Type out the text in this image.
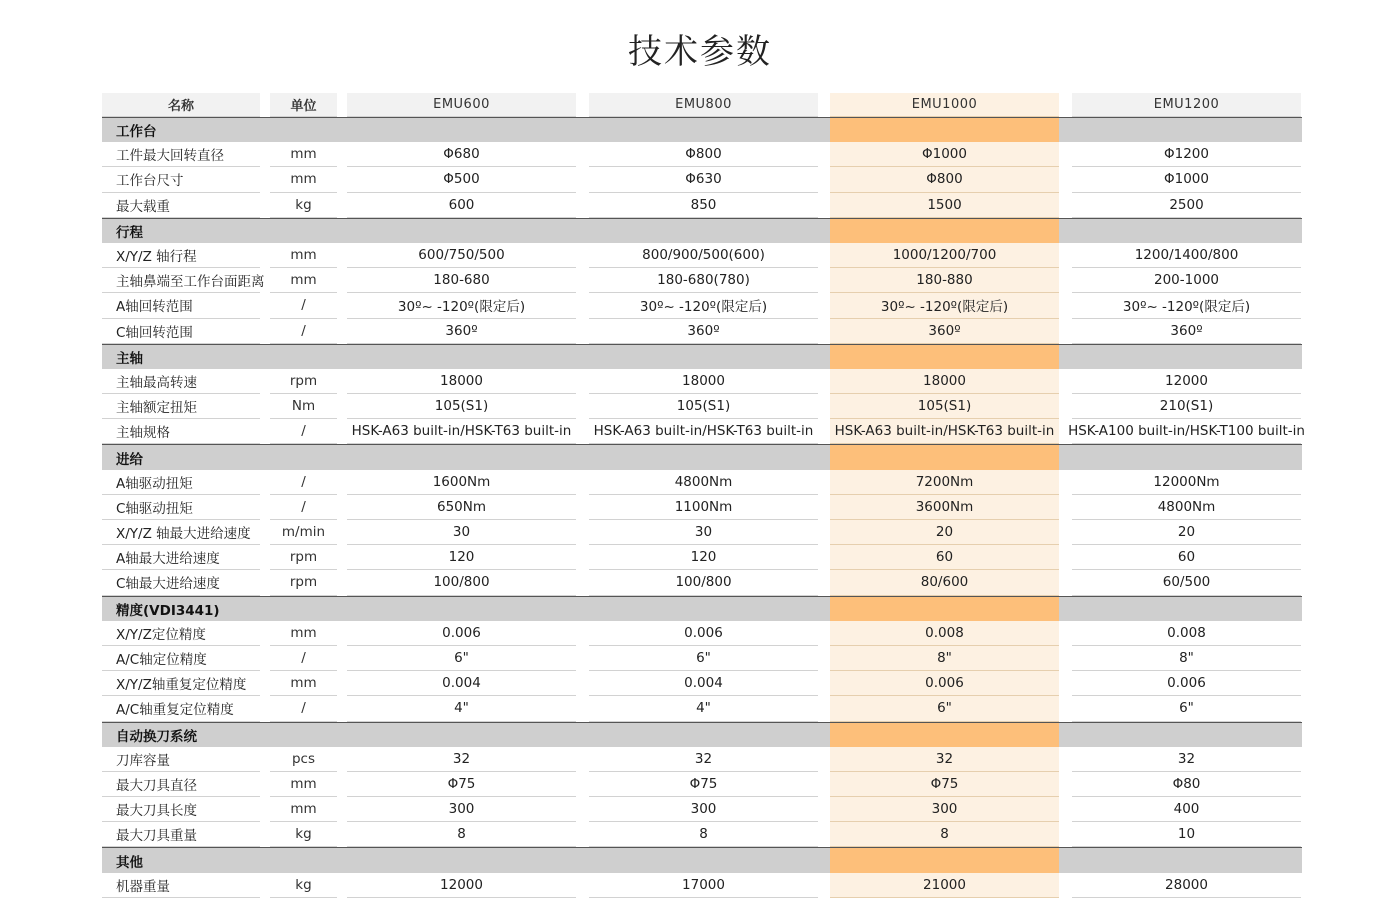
技术参数
名称	单位	EMU600	EMU800	EMU1000	EMU1200
工作台
工件最大回转直径	mm	Φ680	Φ800	Φ1000	Φ1200
工作台尺寸	mm	Φ500	Φ630	Φ800	Φ1000
最大载重	kg	600	850	1500	2500
行程
X/Y/Z 轴行程	mm	600/750/500	800/900/500(600)	1000/1200/700	1200/1400/800
主轴鼻端至工作台面距离	mm	180-680	180-680(780)	180-880	200-1000
A轴回转范围	/	30º~ -120º(限定后)	30º~ -120º(限定后)	30º~ -120º(限定后)	30º~ -120º(限定后)
C轴回转范围	/	360º	360º	360º	360º
主轴
主轴最高转速	rpm	18000	18000	18000	12000
主轴额定扭矩	Nm	105(S1)	105(S1)	105(S1)	210(S1)
主轴规格	/	HSK-A63 built-in/HSK-T63 built-in	HSK-A63 built-in/HSK-T63 built-in	HSK-A63 built-in/HSK-T63 built-in	HSK-A100 built-in/HSK-T100 built-in
进给
A轴驱动扭矩	/	1600Nm	4800Nm	7200Nm	12000Nm
C轴驱动扭矩	/	650Nm	1100Nm	3600Nm	4800Nm
X/Y/Z 轴最大进给速度	m/min	30	30	20	20
A轴最大进给速度	rpm	120	120	60	60
C轴最大进给速度	rpm	100/800	100/800	80/600	60/500
精度(VDI3441)
X/Y/Z定位精度	mm	0.006	0.006	0.008	0.008
A/C轴定位精度	/	6"	6"	8"	8"
X/Y/Z轴重复定位精度	mm	0.004	0.004	0.006	0.006
A/C轴重复定位精度	/	4"	4"	6"	6"
自动换刀系统
刀库容量	pcs	32	32	32	32
最大刀具直径	mm	Φ75	Φ75	Φ75	Φ80
最大刀具长度	mm	300	300	300	400
最大刀具重量	kg	8	8	8	10
其他
机器重量	kg	12000	17000	21000	28000
